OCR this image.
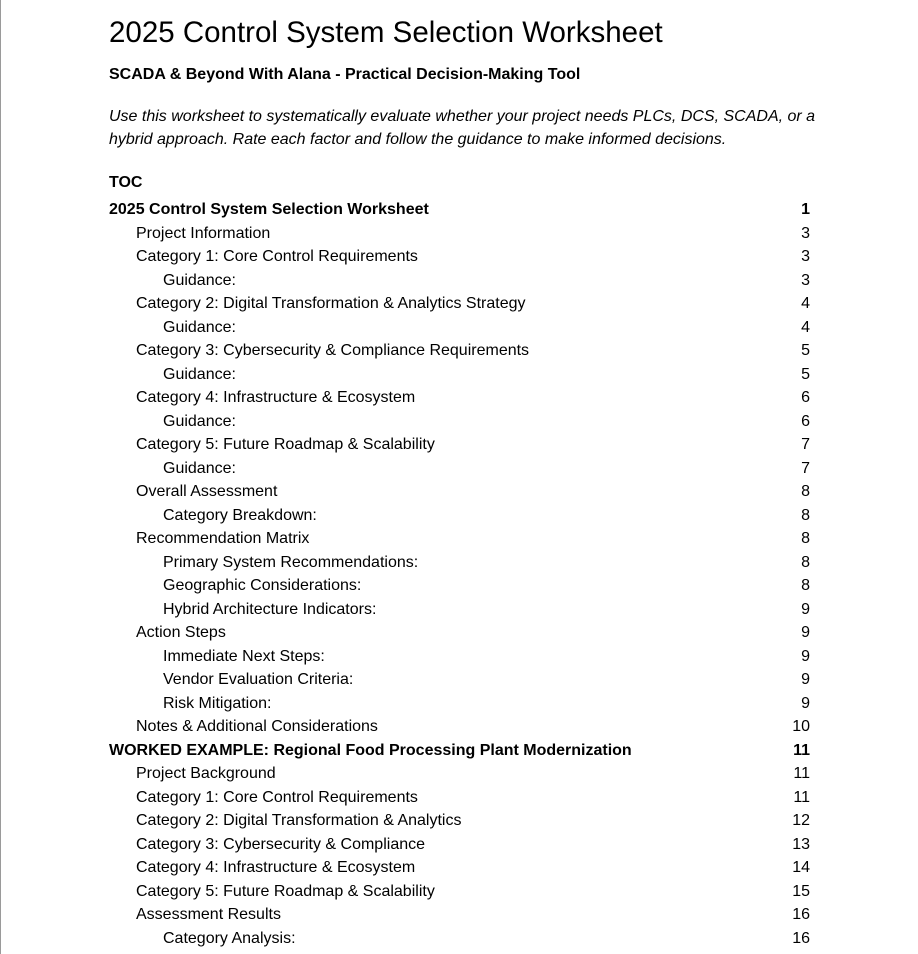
2025 Control System Selection Worksheet

SCADA & Beyond With Alana - Practical Decision-Making Tool

Use this worksheet to systematically evaluate whether your project needs PLCs, DCS, SCADA, or a hybrid approach. Rate each factor and follow the guidance to make informed decisions.

TOC

2025 Control System Selection Worksheet	1
Project Information	3
Category 1: Core Control Requirements	3
Guidance:	3
Category 2: Digital Transformation & Analytics Strategy	4
Guidance:	4
Category 3: Cybersecurity & Compliance Requirements	5
Guidance:	5
Category 4: Infrastructure & Ecosystem	6
Guidance:	6
Category 5: Future Roadmap & Scalability	7
Guidance:	7
Overall Assessment	8
Category Breakdown:	8
Recommendation Matrix	8
Primary System Recommendations:	8
Geographic Considerations:	8
Hybrid Architecture Indicators:	9
Action Steps	9
Immediate Next Steps:	9
Vendor Evaluation Criteria:	9
Risk Mitigation:	9
Notes & Additional Considerations	10
WORKED EXAMPLE: Regional Food Processing Plant Modernization	11
Project Background	11
Category 1: Core Control Requirements	11
Category 2: Digital Transformation & Analytics	12
Category 3: Cybersecurity & Compliance	13
Category 4: Infrastructure & Ecosystem	14
Category 5: Future Roadmap & Scalability	15
Assessment Results	16
Category Analysis:	16
